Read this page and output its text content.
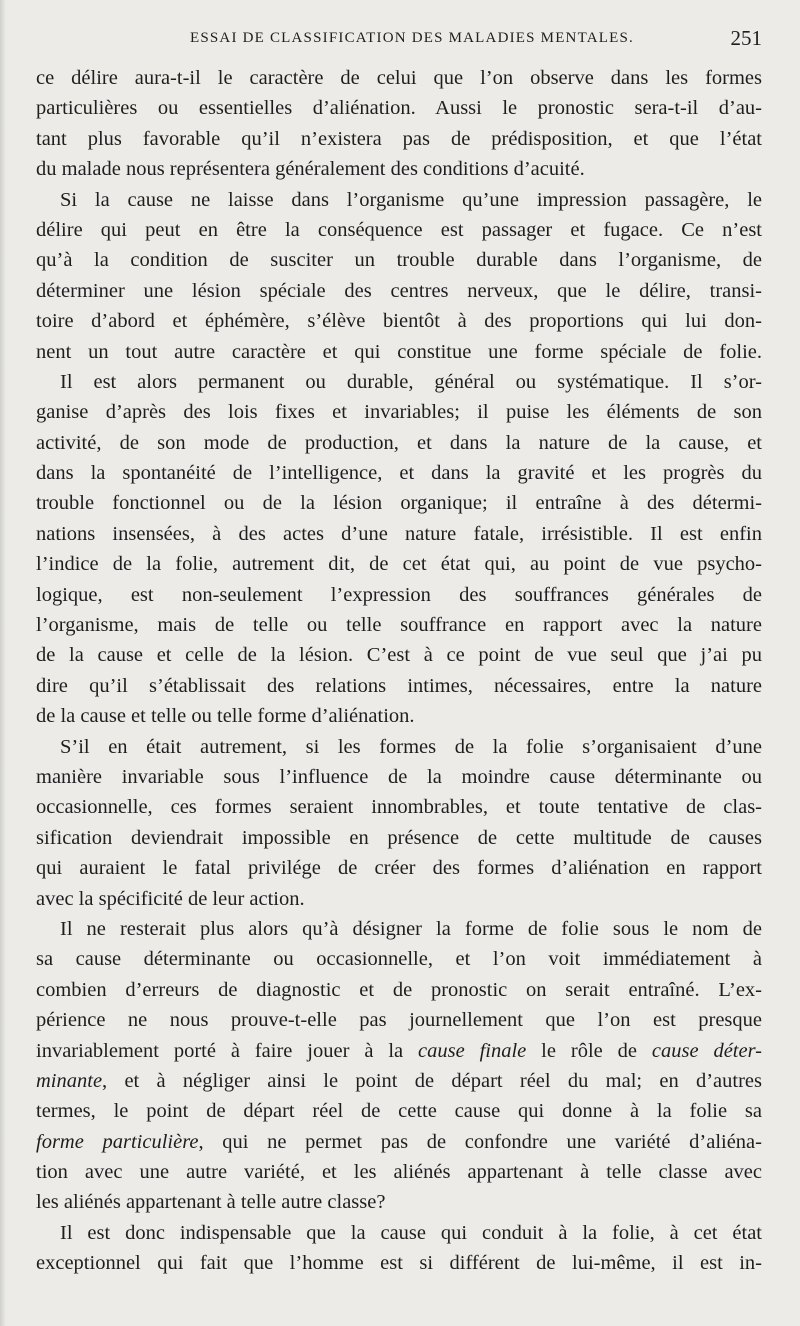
ESSAI DE CLASSIFICATION DES MALADIES MENTALES.	251
ce délire aura-t-il le caractère de celui que l’on observe dans les formes
particulières ou essentielles d’aliénation. Aussi le pronostic sera-t-il d’au-
tant plus favorable qu’il n’existera pas de prédisposition, et que l’état
du malade nous représentera généralement des conditions d’acuité.
Si la cause ne laisse dans l’organisme qu’une impression passagère, le
délire qui peut en être la conséquence est passager et fugace. Ce n’est
qu’à la condition de susciter un trouble durable dans l’organisme, de
déterminer une lésion spéciale des centres nerveux, que le délire, transi-
toire d’abord et éphémère, s’élève bientôt à des proportions qui lui don-
nent un tout autre caractère et qui constitue une forme spéciale de folie.
Il est alors permanent ou durable, général ou systématique. Il s’or-
ganise d’après des lois fixes et invariables; il puise les éléments de son
activité, de son mode de production, et dans la nature de la cause, et
dans la spontanéité de l’intelligence, et dans la gravité et les progrès du
trouble fonctionnel ou de la lésion organique; il entraîne à des détermi-
nations insensées, à des actes d’une nature fatale, irrésistible. Il est enfin
l’indice de la folie, autrement dit, de cet état qui, au point de vue psycho-
logique, est non-seulement l’expression des souffrances générales de
l’organisme, mais de telle ou telle souffrance en rapport avec la nature
de la cause et celle de la lésion. C’est à ce point de vue seul que j’ai pu
dire qu’il s’établissait des relations intimes, nécessaires, entre la nature
de la cause et telle ou telle forme d’aliénation.
S’il en était autrement, si les formes de la folie s’organisaient d’une
manière invariable sous l’influence de la moindre cause déterminante ou
occasionnelle, ces formes seraient innombrables, et toute tentative de clas-
sification deviendrait impossible en présence de cette multitude de causes
qui auraient le fatal privilége de créer des formes d’aliénation en rapport
avec la spécificité de leur action.
Il ne resterait plus alors qu’à désigner la forme de folie sous le nom de
sa cause déterminante ou occasionnelle, et l’on voit immédiatement à
combien d’erreurs de diagnostic et de pronostic on serait entraîné. L’ex-
périence ne nous prouve-t-elle pas journellement que l’on est presque
invariablement porté à faire jouer à la cause finale le rôle de cause déter-
minante, et à négliger ainsi le point de départ réel du mal; en d’autres
termes, le point de départ réel de cette cause qui donne à la folie sa
forme particulière, qui ne permet pas de confondre une variété d’aliéna-
tion avec une autre variété, et les aliénés appartenant à telle classe avec
les aliénés appartenant à telle autre classe?
Il est donc indispensable que la cause qui conduit à la folie, à cet état
exceptionnel qui fait que l’homme est si différent de lui-même, il est in-
